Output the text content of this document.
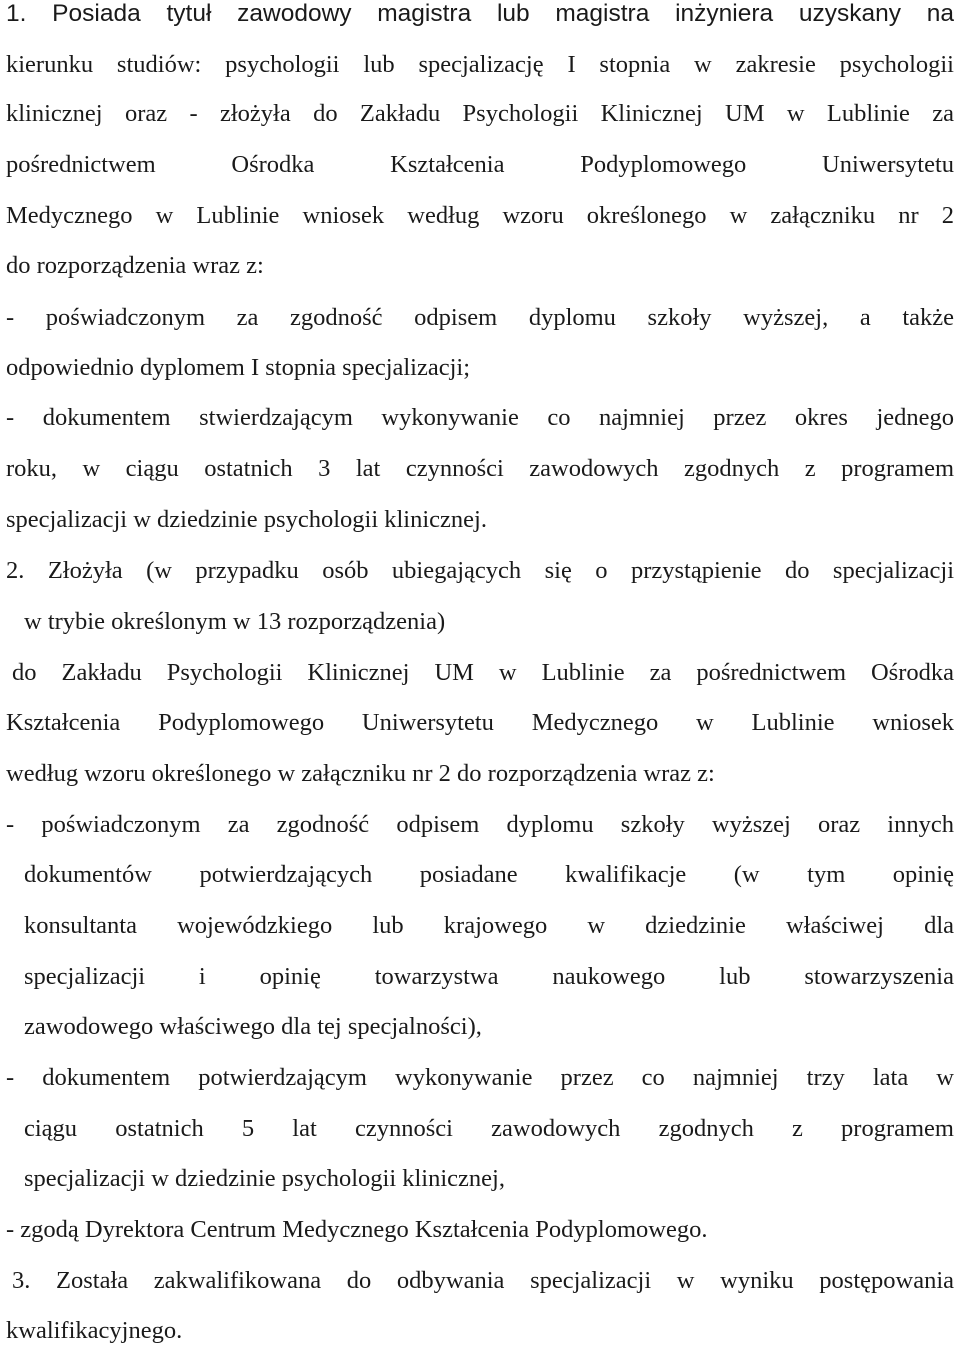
1. Posiada tytuł zawodowy magistra lub magistra inżyniera uzyskany na
kierunku studiów: psychologii lub specjalizację I stopnia w zakresie psychologii
klinicznej oraz - złożyła do Zakładu Psychologii Klinicznej UM w Lublinie za
pośrednictwem Ośrodka Kształcenia Podyplomowego Uniwersytetu
Medycznego w Lublinie wniosek według wzoru określonego w załączniku nr 2
do rozporządzenia wraz z:
- poświadczonym za zgodność odpisem dyplomu szkoły wyższej, a także
odpowiednio dyplomem I stopnia specjalizacji;
- dokumentem stwierdzającym wykonywanie co najmniej przez okres jednego
roku, w ciągu ostatnich 3 lat czynności zawodowych zgodnych z programem
specjalizacji w dziedzinie psychologii klinicznej.
2. Złożyła (w przypadku osób ubiegających się o przystąpienie do specjalizacji
w trybie określonym w 13 rozporządzenia)
do Zakładu Psychologii Klinicznej UM w Lublinie za pośrednictwem Ośrodka
Kształcenia Podyplomowego Uniwersytetu Medycznego w Lublinie wniosek
według wzoru określonego w załączniku nr 2 do rozporządzenia wraz z:
- poświadczonym za zgodność odpisem dyplomu szkoły wyższej oraz innych
dokumentów potwierdzających posiadane kwalifikacje (w tym opinię
konsultanta wojewódzkiego lub krajowego w dziedzinie właściwej dla
specjalizacji i opinię towarzystwa naukowego lub stowarzyszenia
zawodowego właściwego dla tej specjalności),
- dokumentem potwierdzającym wykonywanie przez co najmniej trzy lata w
ciągu ostatnich 5 lat czynności zawodowych zgodnych z programem
specjalizacji w dziedzinie psychologii klinicznej,
- zgodą Dyrektora Centrum Medycznego Kształcenia Podyplomowego.
3. Została zakwalifikowana do odbywania specjalizacji w wyniku postępowania
kwalifikacyjnego.
